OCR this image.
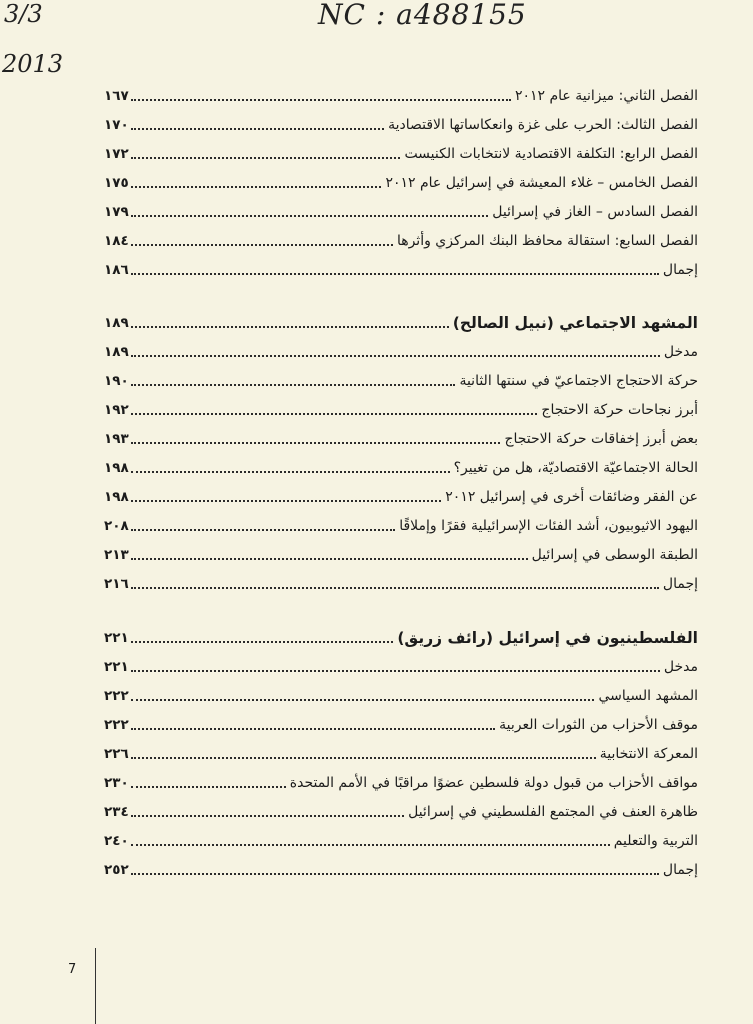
NC : a488155
3/3
2013
الفصل الثاني: ميزانية عام ٢٠١٢
١٦٧
الفصل الثالث: الحرب على غزة وانعكاساتها الاقتصادية
١٧٠
الفصل الرابع: التكلفة الاقتصادية لانتخابات الكنيست
١٧٢
الفصل الخامس – غلاء المعيشة في إسرائيل عام ٢٠١٢
١٧٥
الفصل السادس – الغاز في إسرائيل
١٧٩
الفصل السابع: استقالة محافظ البنك المركزي وأثرها
١٨٤
إجمال
١٨٦
المشهد الاجتماعي (نبيل الصالح)
١٨٩
مدخل
١٨٩
حركة الاحتجاج الاجتماعيّ في سنتها الثانية
١٩٠
أبرز نجاحات حركة الاحتجاج
١٩٢
بعض أبرز إخفاقات حركة الاحتجاج
١٩٣
الحالة الاجتماعيّة الاقتصاديّة، هل من تغيير؟
١٩٨
عن الفقر وضائقات أخرى في إسرائيل ٢٠١٢
١٩٨
اليهود الاثيوبيون، أشد الفئات الإسرائيلية فقرًا وإملاقًا
٢٠٨
الطبقة الوسطى في إسرائيل
٢١٣
إجمال
٢١٦
الفلسطينيون في إسرائيل (رائف زريق)
٢٢١
مدخل
٢٢١
المشهد السياسي
٢٢٢
موقف الأحزاب من الثورات العربية
٢٢٢
المعركة الانتخابية
٢٢٦
مواقف الأحزاب من قبول دولة فلسطين عضوًا مراقبًا في الأمم المتحدة
٢٣٠
ظاهرة العنف في المجتمع الفلسطيني في إسرائيل
٢٣٤
التربية والتعليم
٢٤٠
إجمال
٢٥٢
7
